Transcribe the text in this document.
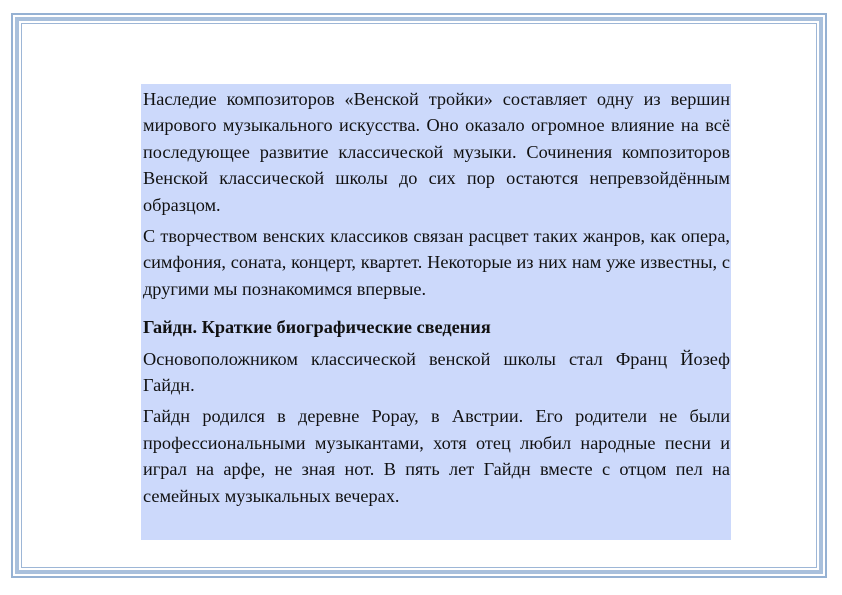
Наследие композиторов «Венской тройки» составляет одну из вершин мирового музыкального искусства. Оно оказало огромное влияние на всё последующее развитие классической музыки. Сочинения композиторов Венской классической школы до сих пор остаются непревзойдённым образцом.

С творчеством венских классиков связан расцвет таких жанров, как опера, симфония, соната, концерт, квартет. Некоторые из них нам уже известны, с другими мы познакомимся впервые.

Гайдн. Краткие биографические сведения

Основоположником классической венской школы стал Франц Йозеф Гайдн.

Гайдн родился в деревне Рорау, в Австрии. Его родители не были профессиональными музыкантами, хотя отец любил народные песни и играл на арфе, не зная нот. В пять лет Гайдн вместе с отцом пел на семейных музыкальных вечерах.
